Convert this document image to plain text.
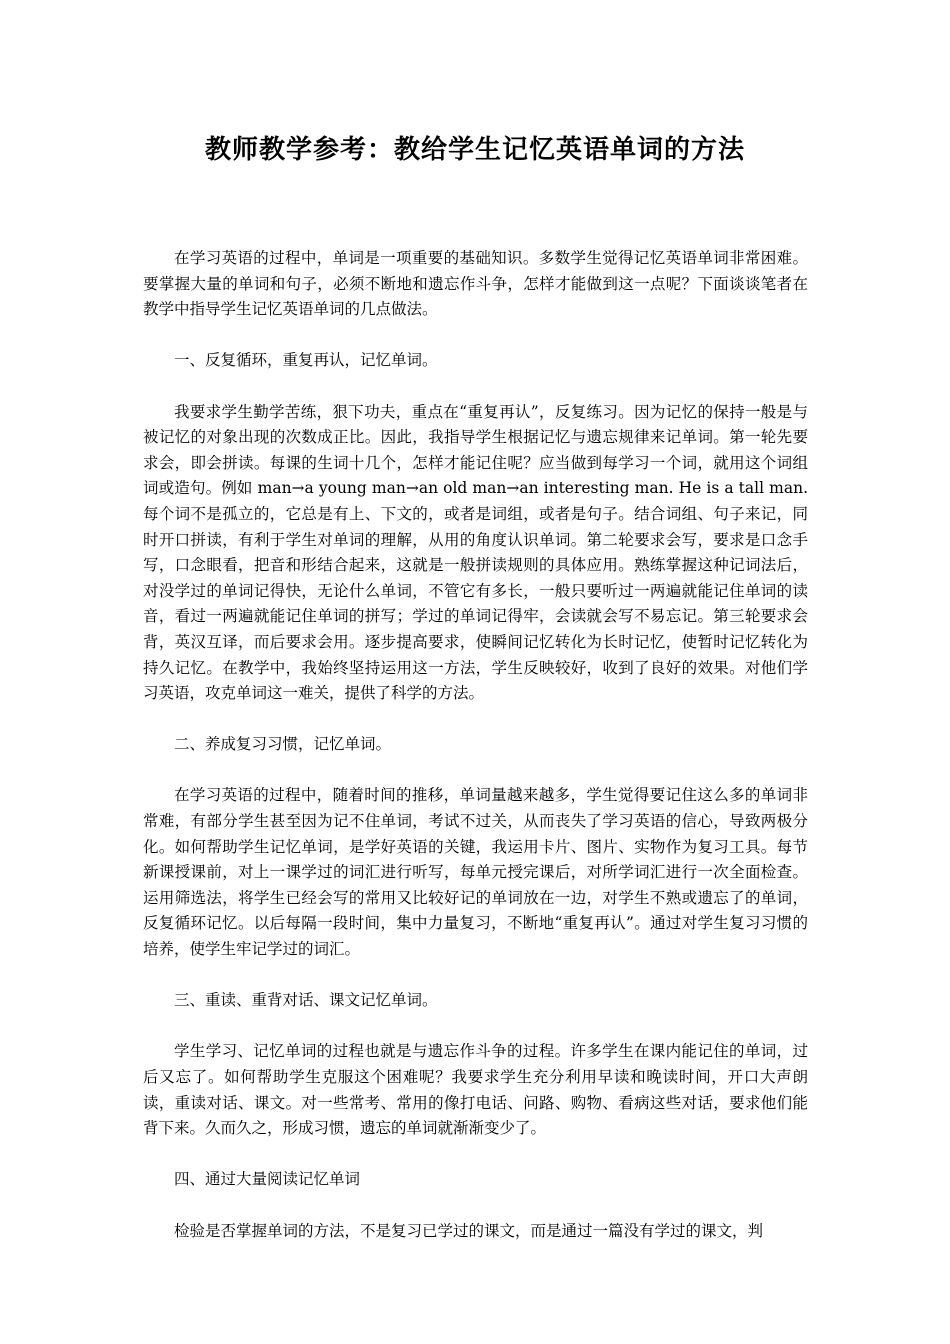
教师教学参考：教给学生记忆英语单词的方法

在学习英语的过程中，单词是一项重要的基础知识。多数学生觉得记忆英语单词非常困难。要掌握大量的单词和句子，必须不断地和遗忘作斗争，怎样才能做到这一点呢？下面谈谈笔者在教学中指导学生记忆英语单词的几点做法。

一、反复循环，重复再认，记忆单词。

我要求学生勤学苦练，狠下功夫，重点在“重复再认”，反复练习。因为记忆的保持一般是与被记忆的对象出现的次数成正比。因此，我指导学生根据记忆与遗忘规律来记单词。第一轮先要求会，即会拼读。每课的生词十几个，怎样才能记住呢？应当做到每学习一个词，就用这个词组词或造句。例如 man→a young man→an old man→an interesting man. He is a tall man. 每个词不是孤立的，它总是有上、下文的，或者是词组，或者是句子。结合词组、句子来记，同时开口拼读，有利于学生对单词的理解，从用的角度认识单词。第二轮要求会写，要求是口念手写，口念眼看，把音和形结合起来，这就是一般拼读规则的具体应用。熟练掌握这种记词法后，对没学过的单词记得快，无论什么单词，不管它有多长，一般只要听过一两遍就能记住单词的读音，看过一两遍就能记住单词的拼写；学过的单词记得牢，会读就会写不易忘记。第三轮要求会背，英汉互译，而后要求会用。逐步提高要求，使瞬间记忆转化为长时记忆，使暂时记忆转化为持久记忆。在教学中，我始终坚持运用这一方法，学生反映较好，收到了良好的效果。对他们学习英语，攻克单词这一难关，提供了科学的方法。

二、养成复习习惯，记忆单词。

在学习英语的过程中，随着时间的推移，单词量越来越多，学生觉得要记住这么多的单词非常难，有部分学生甚至因为记不住单词，考试不过关，从而丧失了学习英语的信心，导致两极分化。如何帮助学生记忆单词，是学好英语的关键，我运用卡片、图片、实物作为复习工具。每节新课授课前，对上一课学过的词汇进行听写，每单元授完课后，对所学词汇进行一次全面检查。运用筛选法，将学生已经会写的常用又比较好记的单词放在一边，对学生不熟或遗忘了的单词，反复循环记忆。以后每隔一段时间，集中力量复习，不断地“重复再认”。通过对学生复习习惯的培养，使学生牢记学过的词汇。

三、重读、重背对话、课文记忆单词。

学生学习、记忆单词的过程也就是与遗忘作斗争的过程。许多学生在课内能记住的单词，过后又忘了。如何帮助学生克服这个困难呢？我要求学生充分利用早读和晚读时间，开口大声朗读，重读对话、课文。对一些常考、常用的像打电话、问路、购物、看病这些对话，要求他们能背下来。久而久之，形成习惯，遗忘的单词就渐渐变少了。

四、通过大量阅读记忆单词

检验是否掌握单词的方法，不是复习已学过的课文，而是通过一篇没有学过的课文，判
